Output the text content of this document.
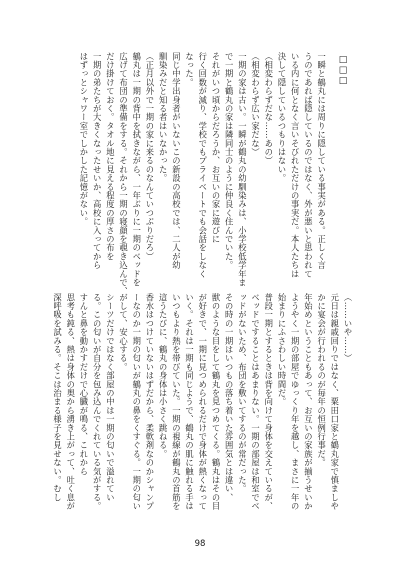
一瞬と鶴丸には周りに隠している事実がある。正しく言
うのであれば隠しているのではなく、外が悪いと思われて
いる内に何となく言いそびれただけの事実だ。本人たちは
決して隠しているつもりはない。
（相変わらずだな……あの）
（相変わらず広い家だな）
一期の家は古い。一瞬が鶴丸の幼馴染みは、小学校低学年ま
で一期と鶴丸の家は隣同士のように仲良く住んでいた。
それがいつ頃からだろうか、お互いの家に遊びに
行く回数が減り、学校でもプライベートでも会話をしなく
なった。
同じ中学出身者がいないこの新設の高校では、二人が幼
馴染みだと知る者はいなかった。
（正月以外で一期の家に来るのなんていつぶりだろ）
鶴丸は一期の背中を拭きながら、一年ぶりに一期のベッドを
広げて布団の準備をする。それから一期の寝顔を覗き込んで、
だけ掛けておく。タオル地に見える程度の厚さの布を
一期の弟たちが大きくなったせいか、高校に入ってから
はずっとシャワー室でしかした記憶がない。	□□□
（……いや……）
元日は親戚回りではなく、粟田口家と鶴丸家で慎ましや
かに宴会が行われるのが毎年の恒例行事だ。
年始めということもあって、お互いの家族が揃うせいか
ようやく一期の部屋でゆっくり年を越し、まさに一年の
始まりにふさわしい時間だ。
普段一期とするときは背を向けて身体を交えているが、
ベッドですることはあまりない。一期の部屋は和室でベ
ッドがないため、布団を敷いてするのが常だった。
その時の一期はいつもの落ち着いた雰囲気とは違い、
獣のような目をして鶴丸を見つめてくる。鶴丸はその目
が好きで、一期に見つめられるだけで身体が熱くなって
いく。それは一期も同じようで、鶴丸の肌に触れる手は
いつもより熱を帯びていた。一期の視線が鶴丸の首筋を
這うたびに、鶴丸の身体は小さく跳ねる。
香水はつけていないはずだから、柔軟剤なのかシャンプ
ーなのか一期の匂いが鶴丸の鼻をくすぐる。一期の匂い
がして、安心する。
シーツだけではなく部屋の中は一期の匂いで溢れてい
る。この匂いが自分を包み込んでくれている気がする。
すんと鼻を動かすだけで心臓が鳴る、これから
思考も鈍る、熱は身体の奥から湧き上がって、吐く息が
深呼吸を試みる。そこは治まる様子を見せない。むし
98
